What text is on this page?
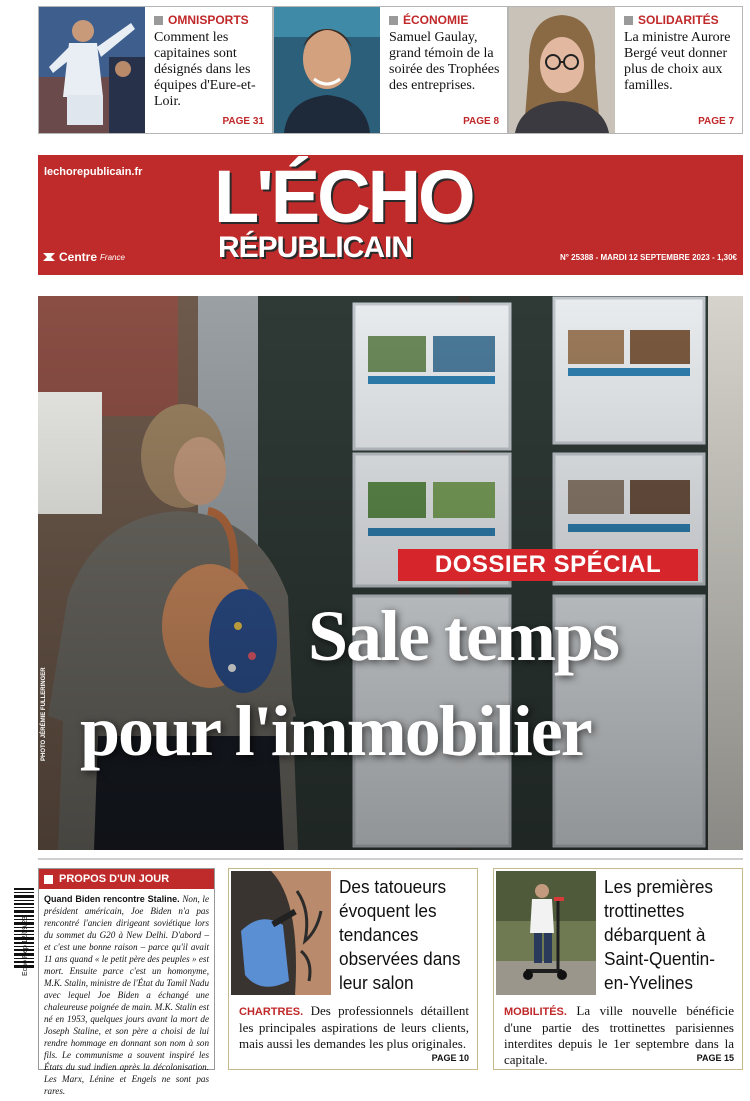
OMNISPORTS
Comment les capitaines sont désignés dans les équipes d'Eure-et-Loir.
PAGE 31
ÉCONOMIE
Samuel Gaulay, grand témoin de la soirée des Trophées des entreprises.
PAGE 8
SOLIDARITÉS
La ministre Aurore Bergé veut donner plus de choix aux familles.
PAGE 7
lechorepublicain.fr L'ÉCHO
RÉPUBLICAIN
Centre France	N° 25388 - MARDI 12 SEPTEMBRE 2023 - 1,30€
DOSSIER SPÉCIAL
Sale temps
pour l'immobilier
PHOTO JÉRÉMIE FULLERINGER
Echo Rep 12/09/23
PROPOS D'UN JOUR
Quand Biden rencontre Staline. Non, le président américain, Joe Biden n'a pas rencontré l'ancien dirigeant soviétique lors du sommet du G20 à New Delhi. D'abord – et c'est une bonne raison – parce qu'il avait 11 ans quand « le petit père des peuples » est mort. Ensuite parce c'est un homonyme, M.K. Stalin, ministre de l'État du Tamil Nadu avec lequel Joe Biden a échangé une chaleureuse poignée de main. M.K. Stalin est né en 1953, quelques jours avant la mort de Joseph Staline, et son père a choisi de lui rendre hommage en donnant son nom à son fils. Le communisme a souvent inspiré les États du sud indien après la décolonisation. Les Marx, Lénine et Engels ne sont pas rares.
Des tatoueurs évoquent les tendances observées dans leur salon
CHARTRES. Des professionnels détaillent les principales aspirations de leurs clients, mais aussi les demandes les plus originales.
PAGE 10
Les premières trottinettes débarquent à Saint-Quentin-en-Yvelines
MOBILITÉS. La ville nouvelle bénéficie d'une partie des trottinettes parisiennes interdites depuis le 1er septembre dans la capitale.	PAGE 15
